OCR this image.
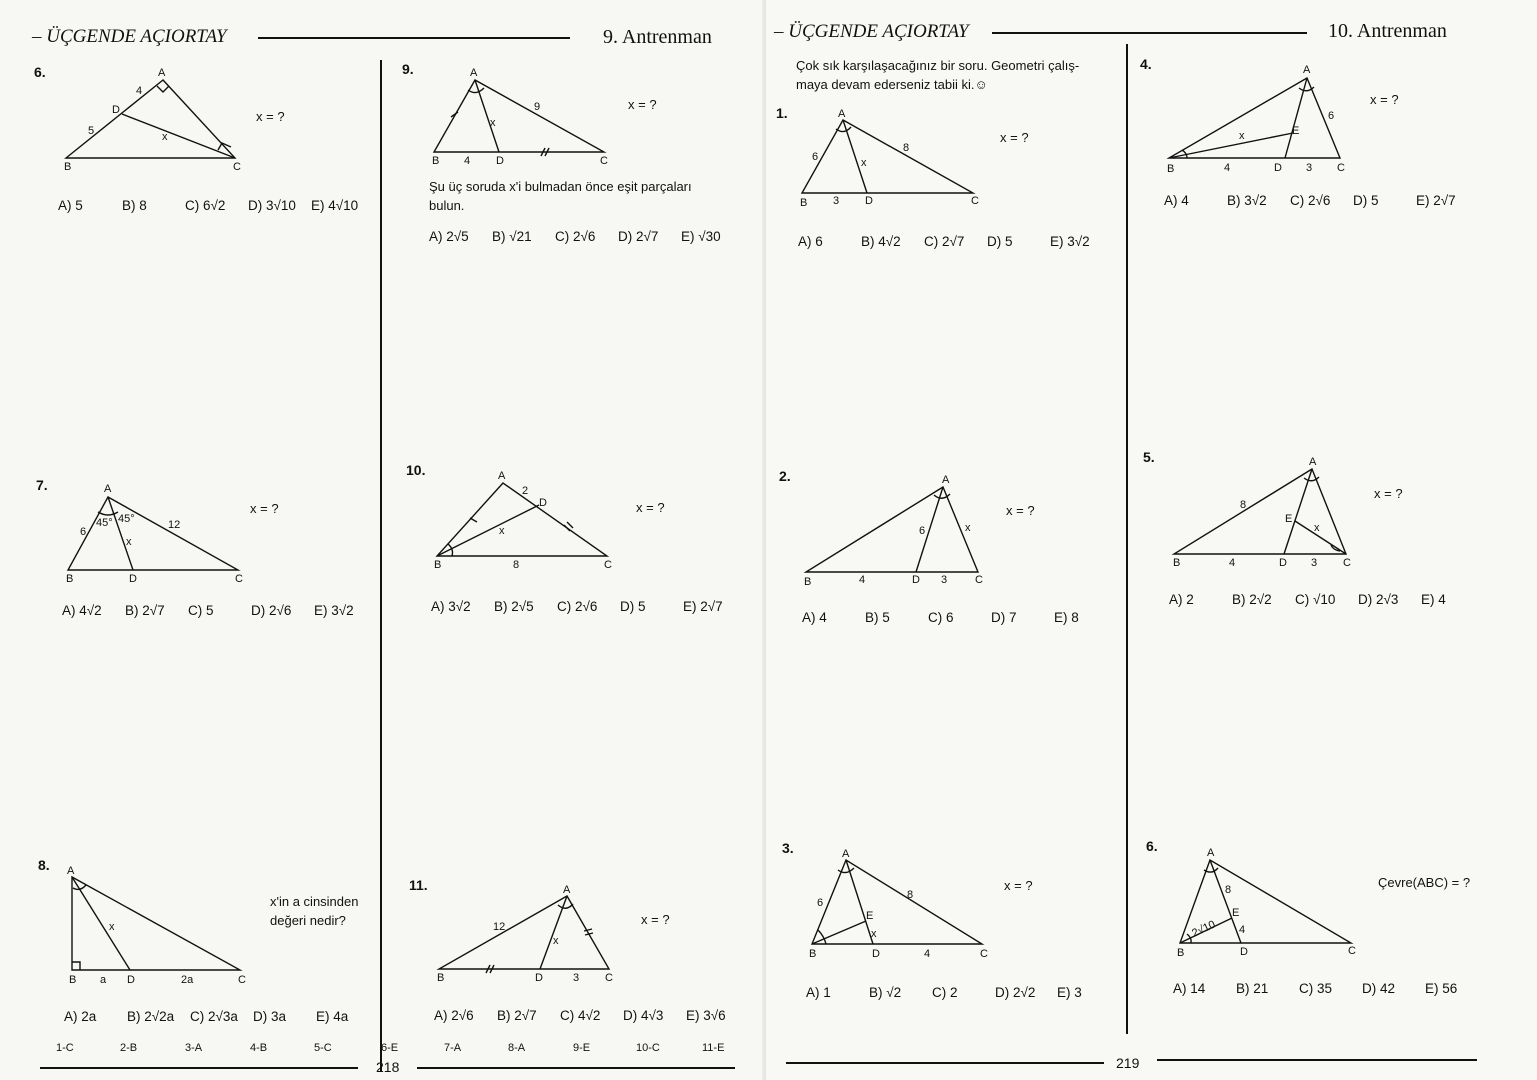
– ÜÇGENDE AÇIORTAY	9. Antrenman
6.	A
B	C
D
4
5	x
x = ?
A) 5	B) 8	C) 6√2	D) 3√10	E) 4√10
7.	A
B	C
D
6
12
45° 45°
x
x = ?
A) 4√2	B) 2√7	C) 5	D) 2√6	E) 3√2
8. A
B	C
D
a	2a
x
x'in a cinsinden
değeri nedir?
A) 2a	B) 2√2a	C) 2√3a	D) 3a	E) 4a
9.	A
B	C
D
4
9
x
x = ?
Şu üç soruda x'i bulmadan önce eşit parçaları
bulun.
A) 2√5	B) √21	C) 2√6	D) 2√7	E) √30
10.	A
B	C
D
2
8
x
x = ?
A) 3√2	B) 2√5	C) 2√6	D) 5	E) 2√7
11.	A
B	C
D
12
3
x
x = ?
A) 2√6	B) 2√7	C) 4√2	D) 4√3	E) 3√6
1-C	2-B	3-A	4-B	5-C	6-E	7-A	8-A	9-E	10-C	11-E
218
– ÜÇGENDE AÇIORTAY	10. Antrenman
Çok sık karşılaşacağınız bir soru. Geometri çalış-
maya devam ederseniz tabii ki.☺
1.	A
B	C
D
6
8
3
x
x = ?
A) 6	B) 4√2	C) 2√7	D) 5	E) 3√2
2.	A
B	C
D
4	3
6	x
x = ?
A) 4	B) 5	C) 6	D) 7	E) 8
3.	A
B	C
D
E
6
8
4
x
x = ?
A) 1	B) √2	C) 2	D) 2√2	E) 3
4.	A
B	C
D
E
6
4	3
x
x = ?
A) 4	B) 3√2	C) 2√6	D) 5	E) 2√7
5.	A
B	C
D
E
8
4	3
x
x = ?
A) 2	B) 2√2	C) √10	D) 2√3	E) 4
6.	A
B	C
D
E
8
4
2√10
Çevre(ABC) = ?
A) 14	B) 21	C) 35	D) 42	E) 56
219
